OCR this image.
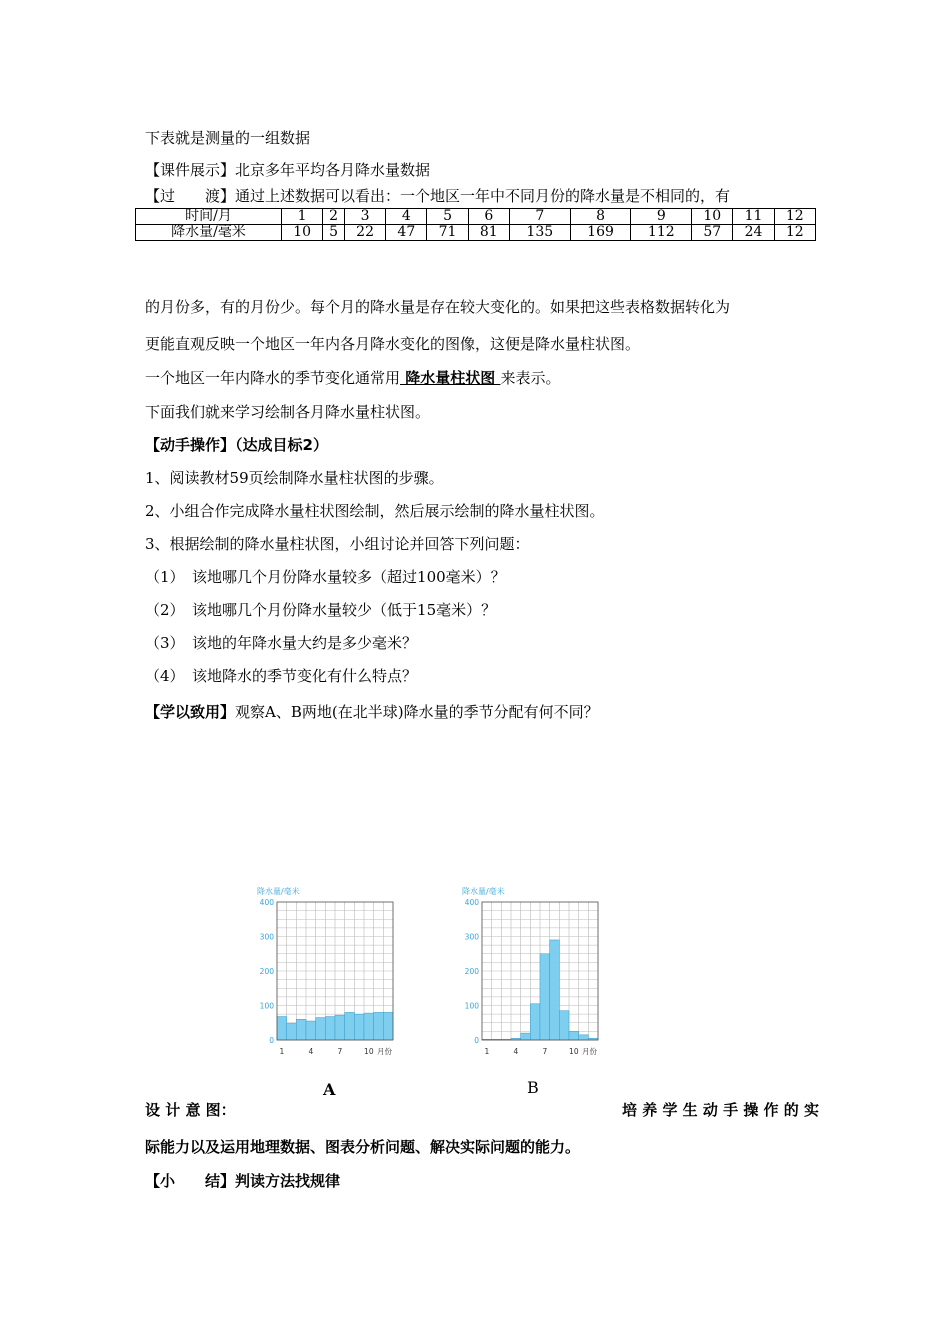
下表就是测量的一组数据
【课件展示】北京多年平均各月降水量数据
【过　　渡】通过上述数据可以看出：一个地区一年中不同月份的降水量是不相同的，有
时间/月	1	2	3	4	5	6	7	8	9	10	11	12
降水量/毫米	10	5	22	47	71	81	135	169	112	57	24	12
的月份多，有的月份少。每个月的降水量是存在较大变化的。如果把这些表格数据转化为
更能直观反映一个地区一年内各月降水变化的图像，这便是降水量柱状图。
一个地区一年内降水的季节变化通常用 降水量柱状图 来表示。
下面我们就来学习绘制各月降水量柱状图。
【动手操作】（达成目标2）
1、阅读教材59页绘制降水量柱状图的步骤。
2、小组合作完成降水量柱状图绘制，然后展示绘制的降水量柱状图。
3、根据绘制的降水量柱状图，小组讨论并回答下列问题：
（1）　该地哪几个月份降水量较多（超过100毫米）？
（2）　该地哪几个月份降水量较少（低于15毫米）？
（3）　该地的年降水量大约是多少毫米？
（4）　该地降水的季节变化有什么特点？
【学以致用】观察A、B两地(在北半球)降水量的季节分配有何不同？
降水量/毫米
0
100
200
300
400
1	4	7	10 月份
降水量/毫米
0
100
200
300
400
1	4	7	10 月份
A	B
设 计 意 图：	培 养 学 生 动 手 操 作 的 实
际能力以及运用地理数据、图表分析问题、解决实际问题的能力。
【小　　结】判读方法找规律
